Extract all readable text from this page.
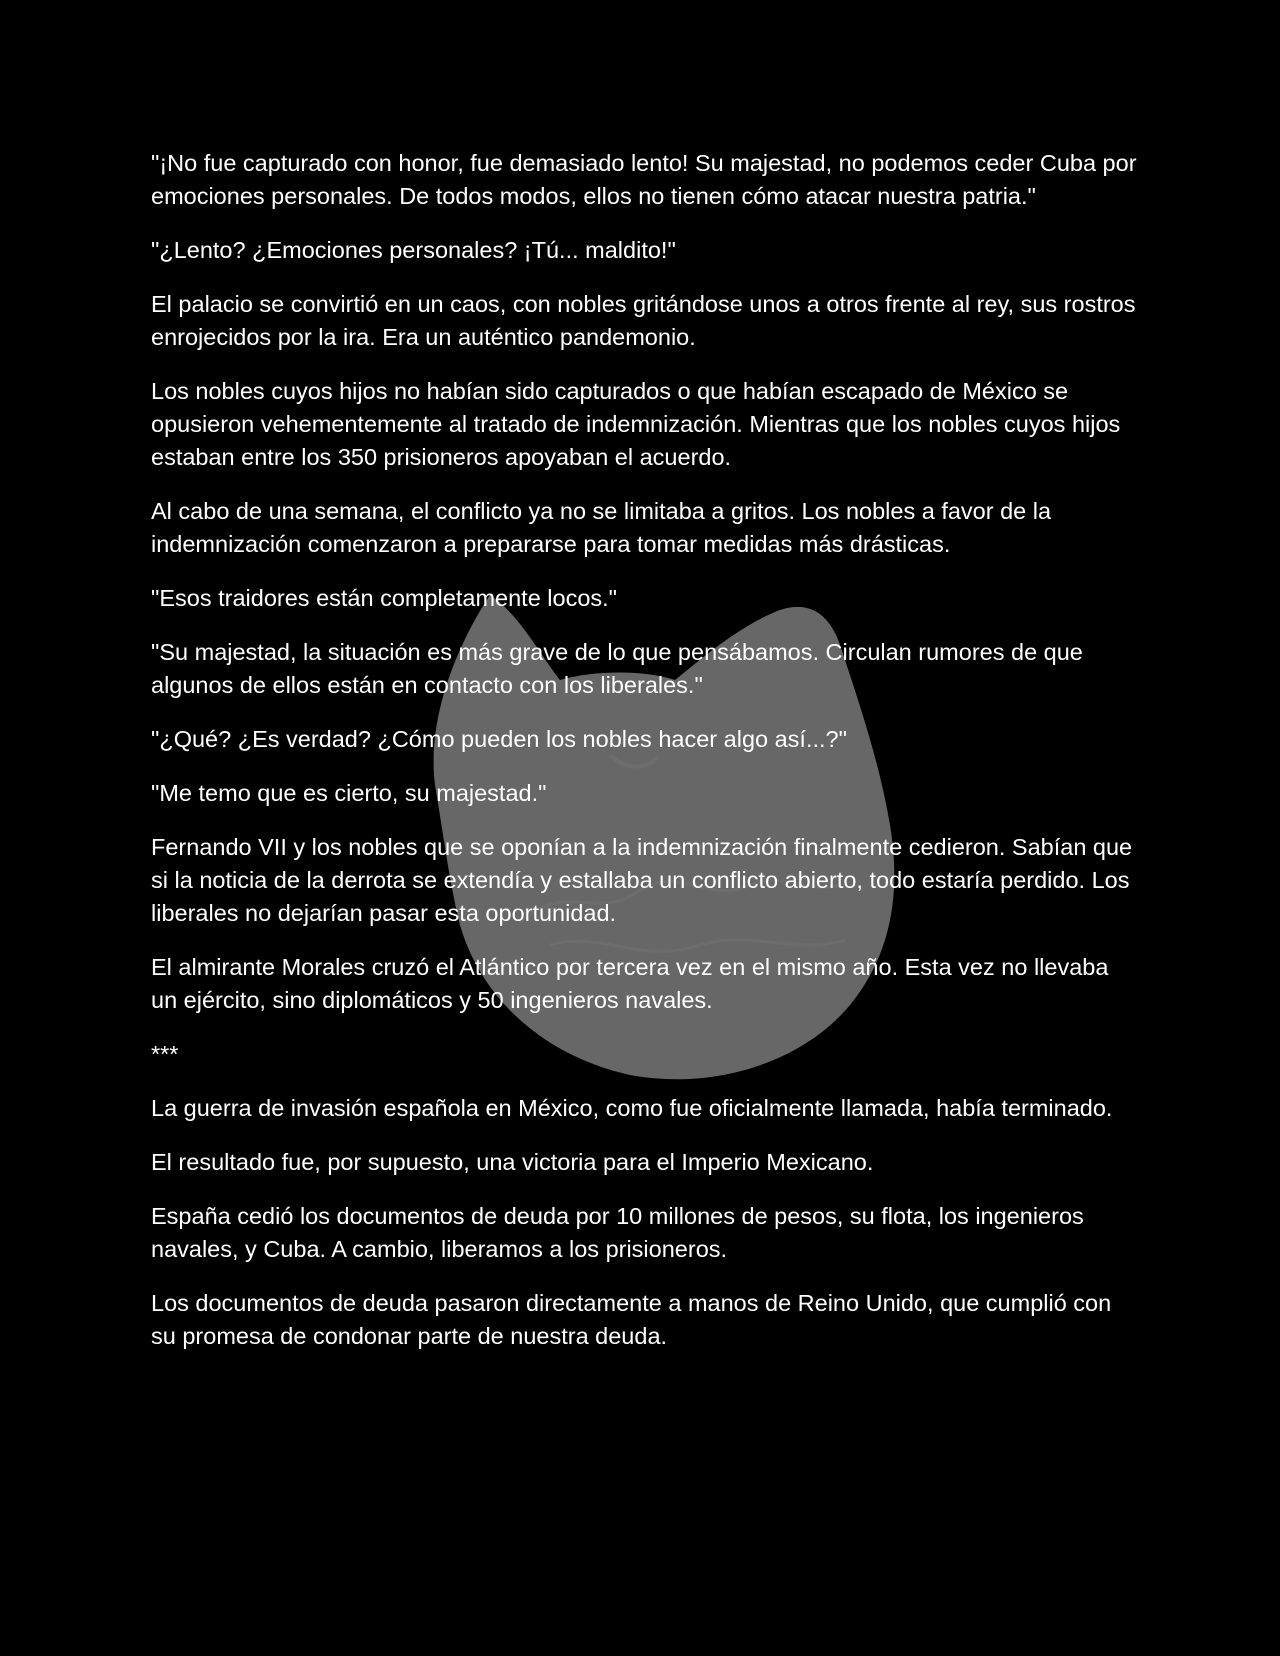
"¡No fue capturado con honor, fue demasiado lento! Su majestad, no podemos ceder Cuba por emociones personales. De todos modos, ellos no tienen cómo atacar nuestra patria."

"¿Lento? ¿Emociones personales? ¡Tú... maldito!"

El palacio se convirtió en un caos, con nobles gritándose unos a otros frente al rey, sus rostros enrojecidos por la ira. Era un auténtico pandemonio.

Los nobles cuyos hijos no habían sido capturados o que habían escapado de México se opusieron vehementemente al tratado de indemnización. Mientras que los nobles cuyos hijos estaban entre los 350 prisioneros apoyaban el acuerdo.

Al cabo de una semana, el conflicto ya no se limitaba a gritos. Los nobles a favor de la indemnización comenzaron a prepararse para tomar medidas más drásticas.

"Esos traidores están completamente locos."

"Su majestad, la situación es más grave de lo que pensábamos. Circulan rumores de que algunos de ellos están en contacto con los liberales."

"¿Qué? ¿Es verdad? ¿Cómo pueden los nobles hacer algo así...?"

"Me temo que es cierto, su majestad."

Fernando VII y los nobles que se oponían a la indemnización finalmente cedieron. Sabían que si la noticia de la derrota se extendía y estallaba un conflicto abierto, todo estaría perdido. Los liberales no dejarían pasar esta oportunidad.

El almirante Morales cruzó el Atlántico por tercera vez en el mismo año. Esta vez no llevaba un ejército, sino diplomáticos y 50 ingenieros navales.

***

La guerra de invasión española en México, como fue oficialmente llamada, había terminado.

El resultado fue, por supuesto, una victoria para el Imperio Mexicano.

España cedió los documentos de deuda por 10 millones de pesos, su flota, los ingenieros navales, y Cuba. A cambio, liberamos a los prisioneros.

Los documentos de deuda pasaron directamente a manos de Reino Unido, que cumplió con su promesa de condonar parte de nuestra deuda.
